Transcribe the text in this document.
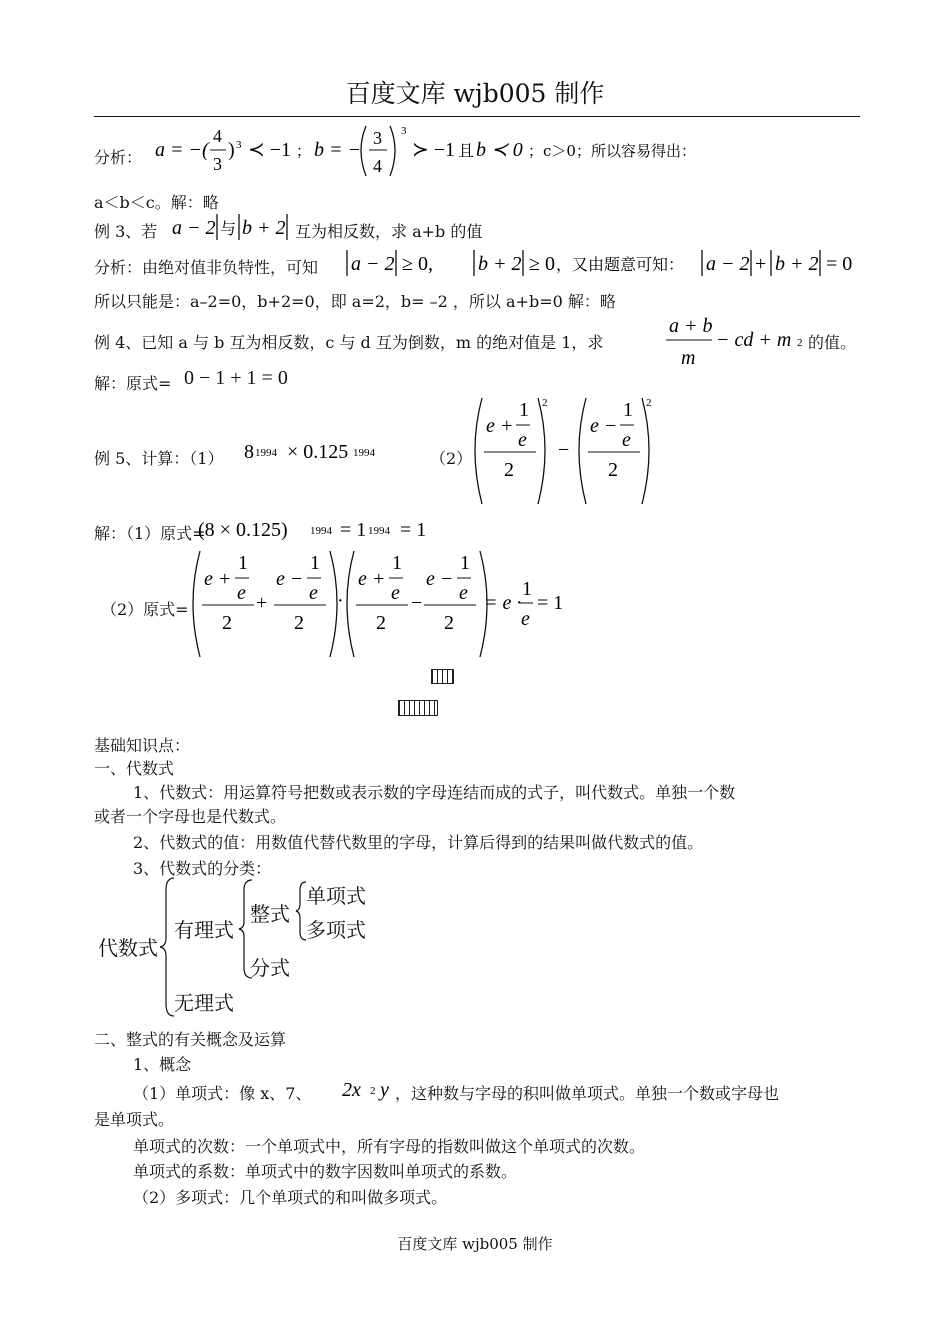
百度文库 wjb005 制作
分析： a = −(
4
3
) 3 ≺ −1 ； b = −
3
4
3
≻ −1 且 b ≺ 0 ；c＞0；所以容易得出：
a＜b＜c。解：略
例 3、若 a − 2 与 b + 2 互为相反数，求 a+b 的值
分析：由绝对值非负特性，可知 a − 2 ≥ 0, b + 2 ≥ 0 ，又由题意可知： a − 2 + b + 2 = 0
所以只能是：a–2=0，b+2=0，即 a=2，b= –2 ，所以 a+b=0 解：略
例 4、已知 a 与 b 互为相反数，c 与 d 互为倒数，m 的绝对值是 1，求
a + b
m
− cd + m 2 的值。
解：原式= 0 − 1 + 1 = 0
例 5、计算：（1） 8 1994 × 0.125 1994	（2）
e +
1
e
2
2
−
e −
1
e
2
2
解：（1）原式=
(8 × 0.125) 1994 = 1 1994 = 1
（2）原式=
e +
1
e
2
+
e −
1
e
2
·
e +
1
e
2
−
e −
1
e
2
= e ·
1
e
= 1
基础知识点：
一、代数式
1、代数式：用运算符号把数或表示数的字母连结而成的式子，叫代数式。单独一个数
或者一个字母也是代数式。
2、代数式的值：用数值代替代数里的字母，计算后得到的结果叫做代数式的值。
3、代数式的分类：
代数式
有理式
无理式
整式
分式
单项式
多项式
二、整式的有关概念及运算
1、概念
（1）单项式：像 x、7、 2x 2 y ，这种数与字母的积叫做单项式。单独一个数或字母也
是单项式。
单项式的次数：一个单项式中，所有字母的指数叫做这个单项式的次数。
单项式的系数：单项式中的数字因数叫单项式的系数。
（2）多项式：几个单项式的和叫做多项式。
百度文库 wjb005 制作
